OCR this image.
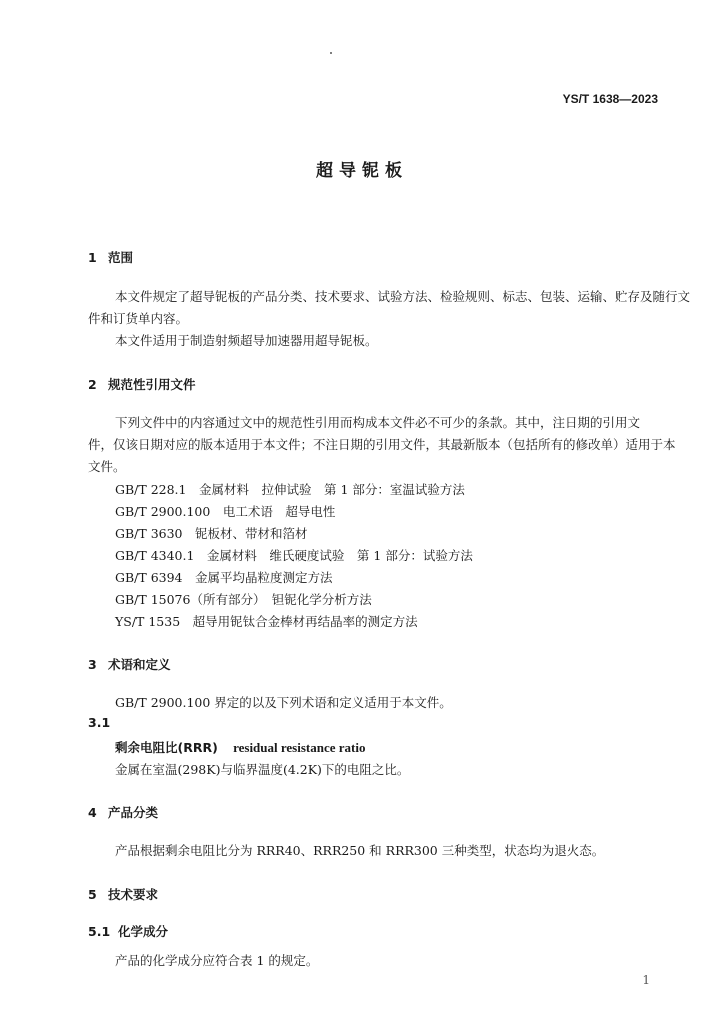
YS/T 1638—2023
超导铌板
1 范围
本文件规定了超导铌板的产品分类、技术要求、试验方法、检验规则、标志、包装、运输、贮存及随行文
件和订货单内容。
本文件适用于制造射频超导加速器用超导铌板。
2 规范性引用文件
下列文件中的内容通过文中的规范性引用而构成本文件必不可少的条款。其中，注日期的引用文
件，仅该日期对应的版本适用于本文件；不注日期的引用文件，其最新版本（包括所有的修改单）适用于本
文件。
GB/T 228.1　金属材料　拉伸试验　第 1 部分：室温试验方法
GB/T 2900.100　电工术语　超导电性
GB/T 3630　铌板材、带材和箔材
GB/T 4340.1　金属材料　维氏硬度试验　第 1 部分：试验方法
GB/T 6394　金属平均晶粒度测定方法
GB/T 15076（所有部分）　钽铌化学分析方法
YS/T 1535　超导用铌钛合金棒材再结晶率的测定方法
3 术语和定义
GB/T 2900.100 界定的以及下列术语和定义适用于本文件。
3.1
剩余电阻比(RRR) residual resistance ratio
金属在室温(298K)与临界温度(4.2K)下的电阻之比。
4 产品分类
产品根据剩余电阻比分为 RRR40、RRR250 和 RRR300 三种类型，状态均为退火态。
5 技术要求
5.1 化学成分
产品的化学成分应符合表 1 的规定。
1
